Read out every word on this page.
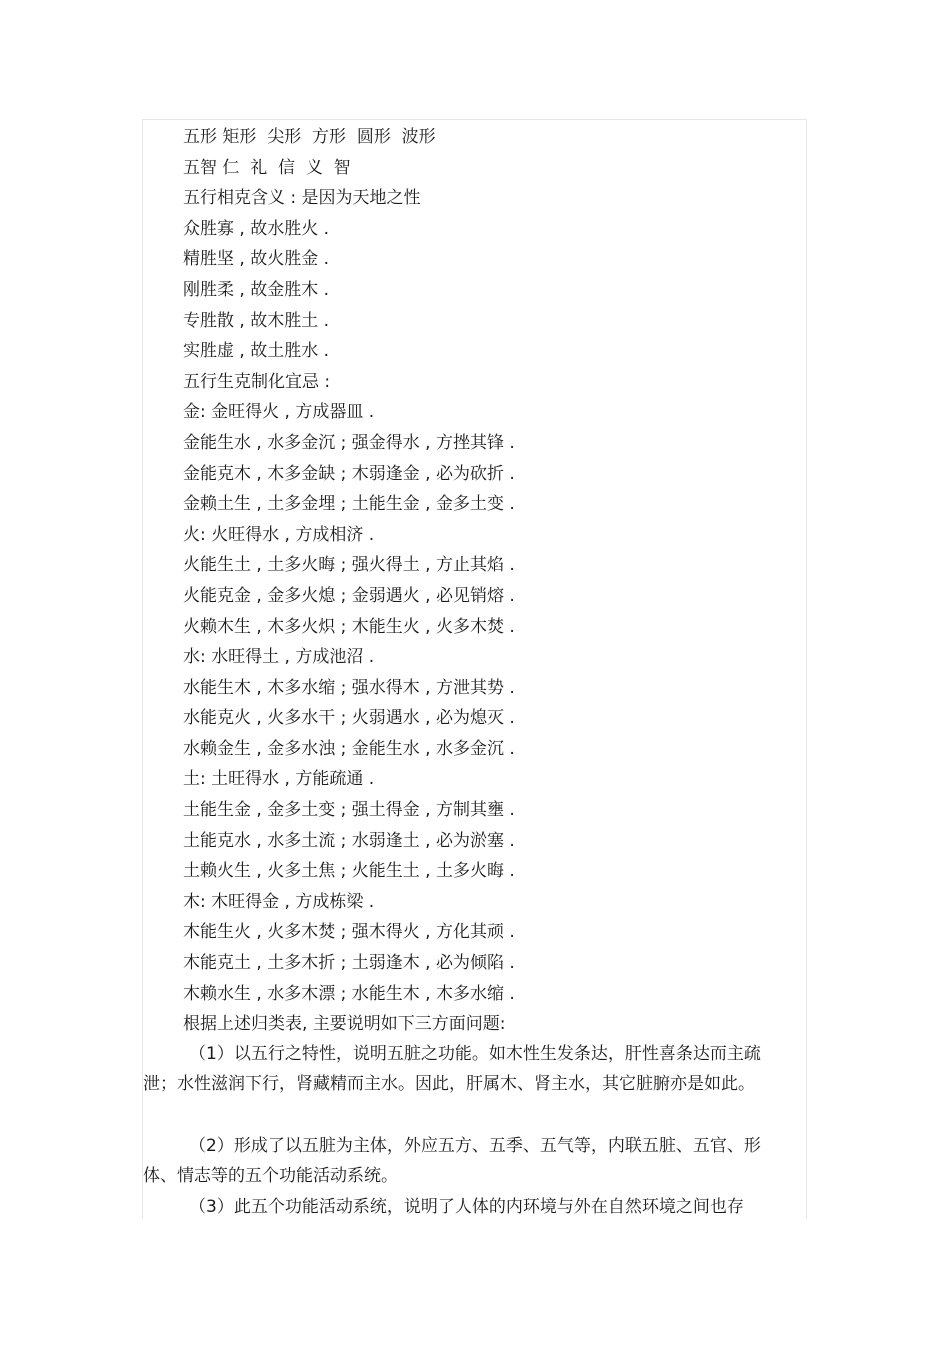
五形 矩形  尖形  方形  圆形  波形
五智 仁  礼  信  义  智
五行相克含义 : 是因为天地之性
众胜寡 , 故水胜火 .
精胜坚 , 故火胜金 .
刚胜柔 , 故金胜木 .
专胜散 , 故木胜土 .
实胜虚 , 故土胜水 .
五行生克制化宜忌 :
金: 金旺得火 , 方成器皿 .
金能生水 , 水多金沉 ; 强金得水 , 方挫其锋 .
金能克木 , 木多金缺 ; 木弱逢金 , 必为砍折 .
金赖土生 , 土多金埋 ; 土能生金 , 金多土变 .
火: 火旺得水 , 方成相济 .
火能生土 , 土多火晦 ; 强火得土 , 方止其焰 .
火能克金 , 金多火熄 ; 金弱遇火 , 必见销熔 .
火赖木生 , 木多火炽 ; 木能生火 , 火多木焚 .
水: 水旺得土 , 方成池沼 .
水能生木 , 木多水缩 ; 强水得木 , 方泄其势 .
水能克火 , 火多水干 ; 火弱遇水 , 必为熄灭 .
水赖金生 , 金多水浊 ; 金能生水 , 水多金沉 .
土: 土旺得水 , 方能疏通 .
土能生金 , 金多土变 ; 强土得金 , 方制其壅 .
土能克水 , 水多土流 ; 水弱逢土 , 必为淤塞 .
土赖火生 , 火多土焦 ; 火能生土 , 土多火晦 .
木: 木旺得金 , 方成栋梁 .
木能生火 , 火多木焚 ; 强木得火 , 方化其顽 .
木能克土 , 土多木折 ; 土弱逢木 , 必为倾陷 .
木赖水生 , 水多木漂 ; 水能生木 , 木多水缩 .
根据上述归类表, 主要说明如下三方面问题:

（1）以五行之特性，说明五脏之功能。如木性生发条达，肝性喜条达而主疏泄；水性滋润下行，肾藏精而主水。因此，肝属木、肾主水，其它脏腑亦是如此。

（2）形成了以五脏为主体，外应五方、五季、五气等，内联五脏、五官、形体、情志等的五个功能活动系统。

（3）此五个功能活动系统，说明了人体的内环境与外在自然环境之间也存
